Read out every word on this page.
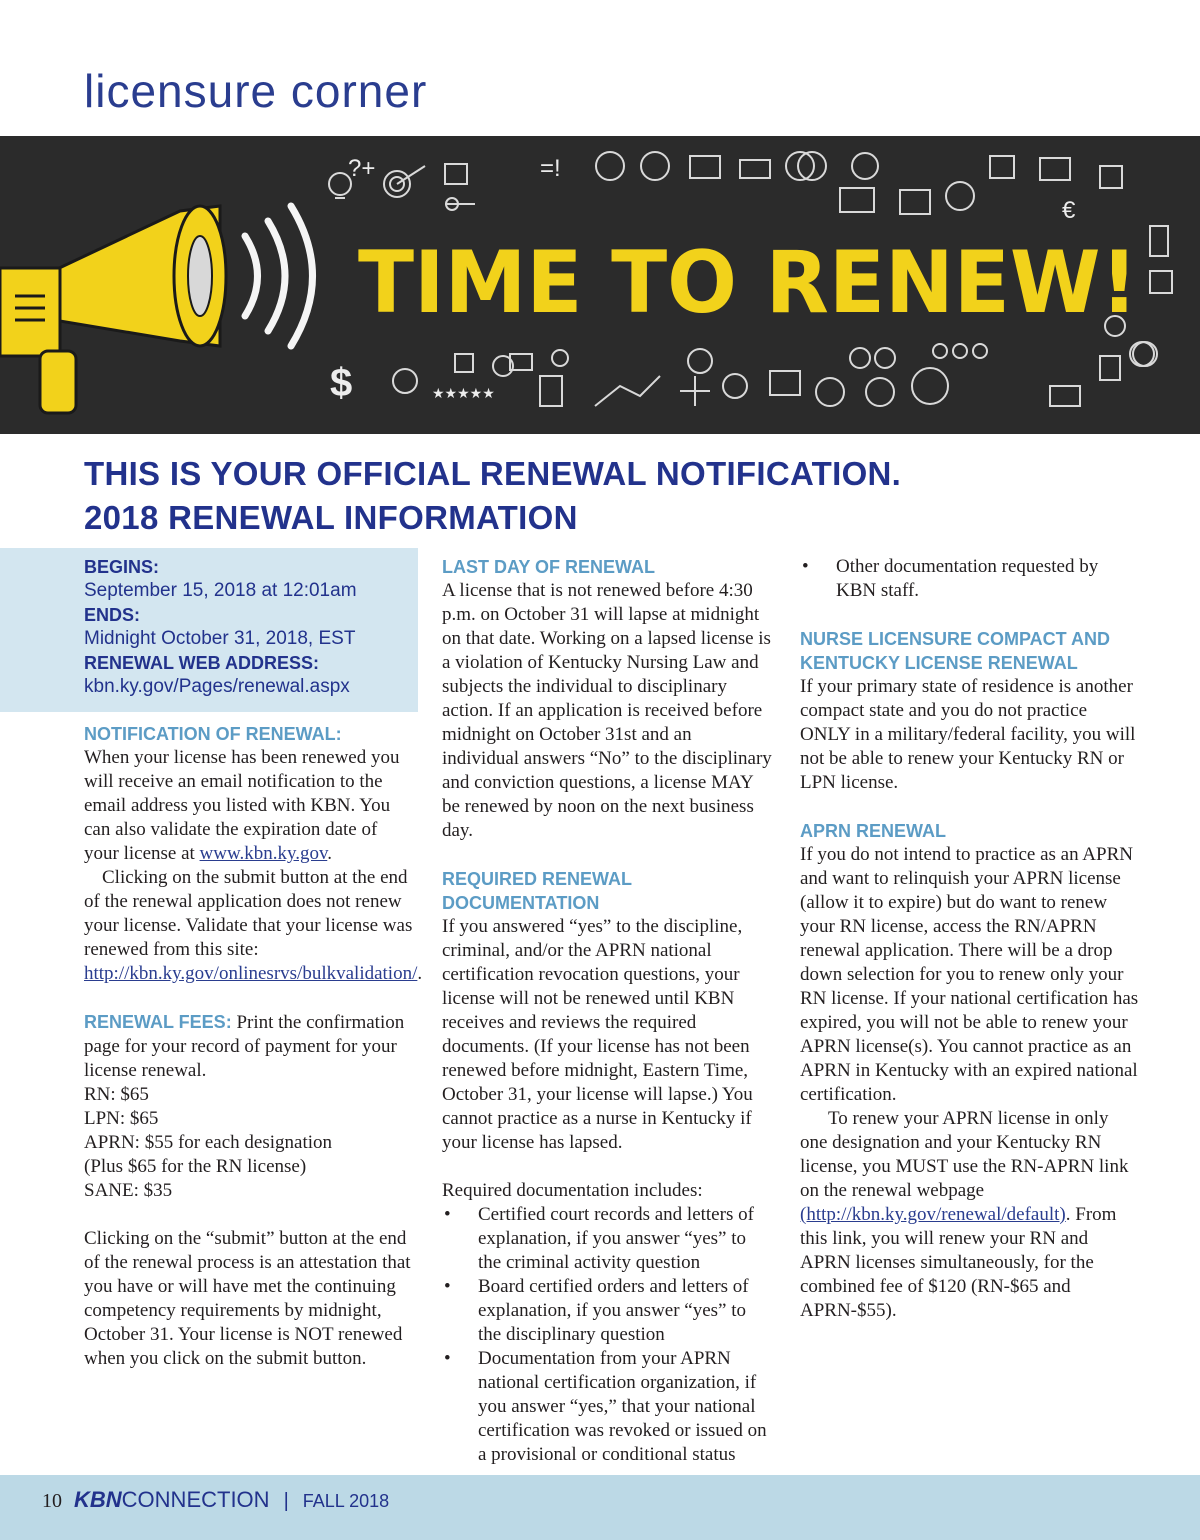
licensure corner
?+	=!
€
$	★★★★★
TIME TO RENEW!
THIS IS YOUR OFFICIAL RENEWAL NOTIFICATION.
2018 RENEWAL INFORMATION
BEGINS:
September 15, 2018 at 12:01am
ENDS:
Midnight October 31, 2018, EST
RENEWAL WEB ADDRESS:
kbn.ky.gov/Pages/renewal.aspx
NOTIFICATION OF RENEWAL:

When your license has been renewed you will receive an email notification to the email address you listed with KBN. You can also validate the expiration date of your license at www.kbn.ky.gov.

Clicking on the submit button at the end of the renewal application does not renew your license. Validate that your license was renewed from this site: http://kbn.ky.gov/onlinesrvs/bulkvalidation/.

RENEWAL FEES: Print the confirmation page for your record of payment for your license renewal.

RN: $65
LPN: $65
APRN: $55 for each designation
(Plus $65 for the RN license)
SANE: $35

Clicking on the “submit” button at the end of the renewal process is an attestation that you have or will have met the continuing competency requirements by midnight, October 31. Your license is NOT renewed when you click on the submit button.

LAST DAY OF RENEWAL

A license that is not renewed before 4:30 p.m. on October 31 will lapse at midnight on that date. Working on a lapsed license is a violation of Kentucky Nursing Law and subjects the individual to disciplinary action. If an application is received before midnight on October 31st and an individual answers “No” to the disciplinary and conviction questions, a license MAY be renewed by noon on the next business day.

REQUIRED RENEWAL DOCUMENTATION

If you answered “yes” to the discipline, criminal, and/or the APRN national certification revocation questions, your license will not be renewed until KBN receives and reviews the required documents. (If your license has not been renewed before midnight, Eastern Time, October 31, your license will lapse.) You cannot practice as a nurse in Kentucky if your license has lapsed.

Required documentation includes:

• Certified court records and letters of explanation, if you answer “yes” to the criminal activity question
• Board certified orders and letters of explanation, if you answer “yes” to the disciplinary question
• Documentation from your APRN national certification organization, if you answer “yes,” that your national certification was revoked or issued on a provisional or conditional status
• Other documentation requested by KBN staff.
NURSE LICENSURE COMPACT AND KENTUCKY LICENSE RENEWAL

If your primary state of residence is another compact state and you do not practice ONLY in a military/federal facility, you will not be able to renew your Kentucky RN or LPN license.

APRN RENEWAL

If you do not intend to practice as an APRN and want to relinquish your APRN license (allow it to expire) but do want to renew your RN license, access the RN/APRN renewal application. There will be a drop down selection for you to renew only your RN license. If your national certification has expired, you will not be able to renew your APRN license(s). You cannot practice as an APRN in Kentucky with an expired national certification.

To renew your APRN license in only one designation and your Kentucky RN license, you MUST use the RN-APRN link on the renewal webpage (http://kbn.ky.gov/renewal/default). From this link, you will renew your RN and APRN licenses simultaneously, for the combined fee of $120 (RN-$65 and APRN-$55).

10 KBNCONNECTION | FALL 2018
